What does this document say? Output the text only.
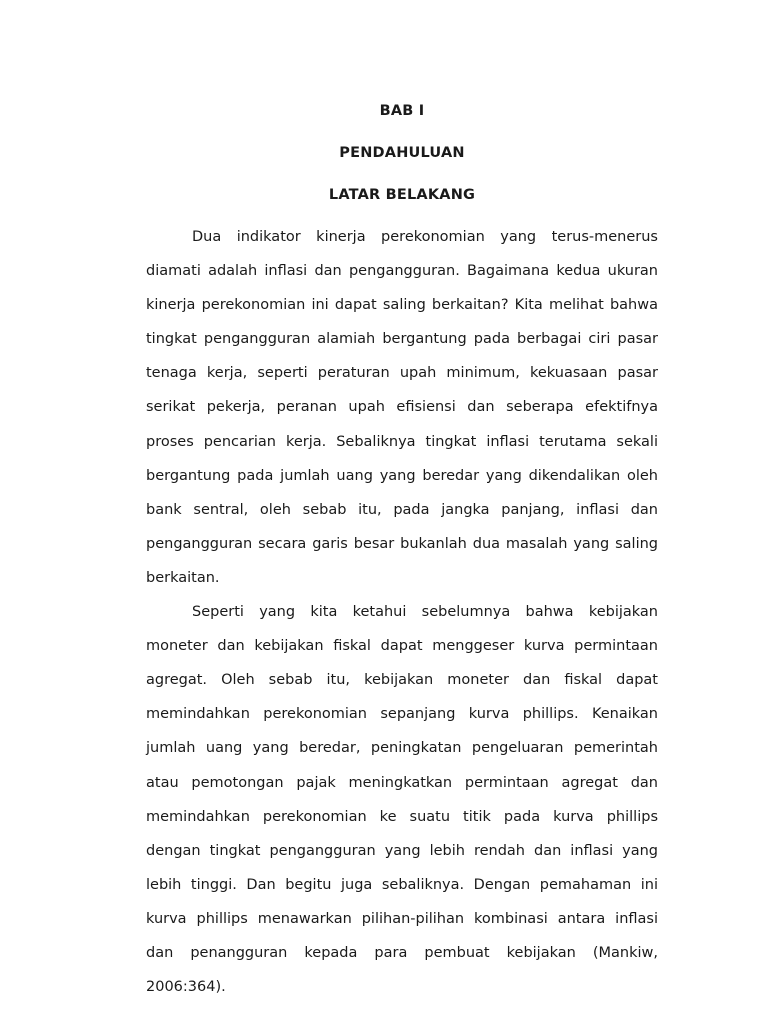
BAB I
PENDAHULUAN
LATAR BELAKANG

Dua indikator kinerja perekonomian yang terus-menerus diamati adalah inflasi dan pengangguran. Bagaimana kedua ukuran kinerja perekonomian ini dapat saling berkaitan? Kita melihat bahwa tingkat pengangguran alamiah bergantung pada berbagai ciri pasar tenaga kerja, seperti peraturan upah minimum, kekuasaan pasar serikat pekerja, peranan upah efisiensi dan seberapa efektifnya proses pencarian kerja. Sebaliknya tingkat inflasi terutama sekali bergantung pada jumlah uang yang beredar yang dikendalikan oleh bank sentral, oleh sebab itu, pada jangka panjang, inflasi dan pengangguran secara garis besar bukanlah dua masalah yang saling berkaitan.

Seperti yang kita ketahui sebelumnya bahwa kebijakan moneter dan kebijakan fiskal dapat menggeser kurva permintaan agregat. Oleh sebab itu, kebijakan moneter dan fiskal dapat memindahkan perekonomian sepanjang kurva phillips. Kenaikan jumlah uang yang beredar, peningkatan pengeluaran pemerintah atau pemotongan pajak meningkatkan permintaan agregat dan memindahkan perekonomian ke suatu titik pada kurva phillips dengan tingkat pengangguran yang lebih rendah dan inflasi yang lebih tinggi. Dan begitu juga sebaliknya. Dengan pemahaman ini kurva phillips menawarkan pilihan-pilihan kombinasi antara inflasi dan penangguran kepada para pembuat kebijakan (Mankiw, 2006:364).
